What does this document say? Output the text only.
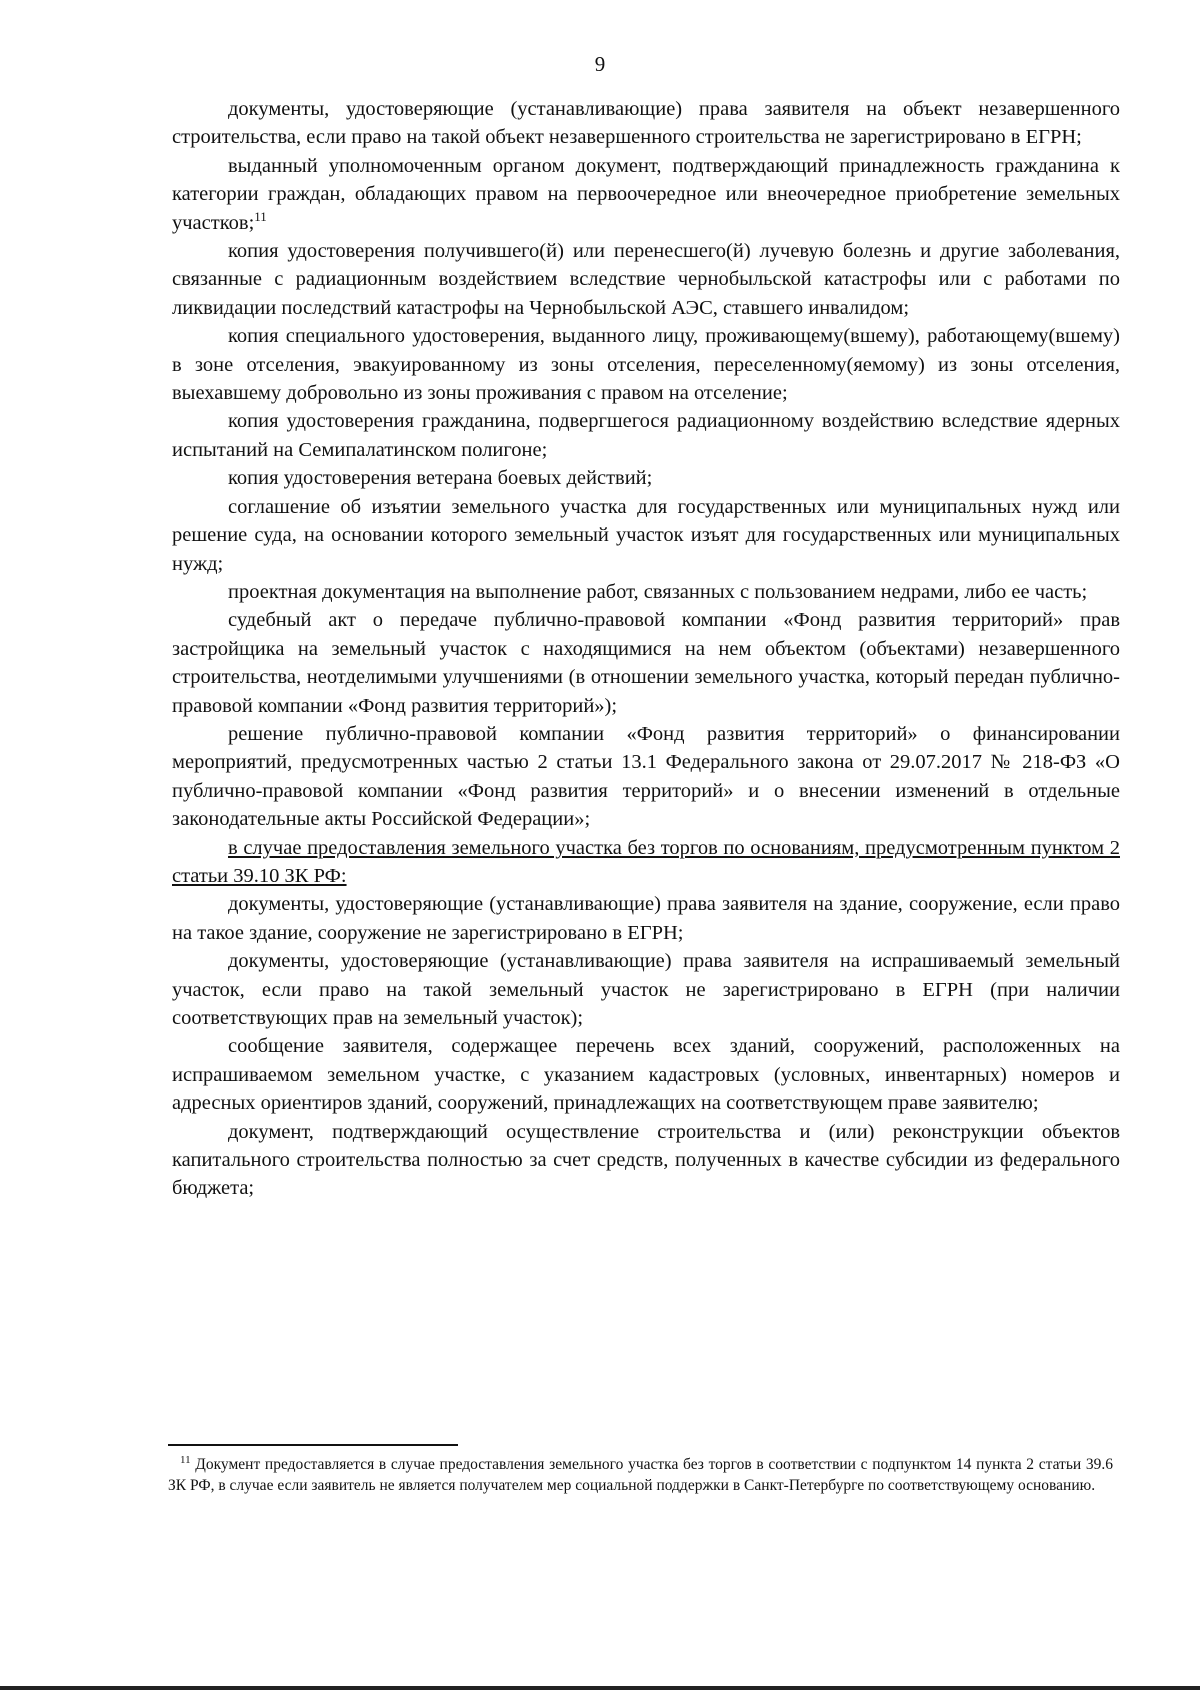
9

документы, удостоверяющие (устанавливающие) права заявителя на объект незавершенного строительства, если право на такой объект незавершенного строительства не зарегистрировано в ЕГРН;

выданный уполномоченным органом документ, подтверждающий принадлежность гражданина к категории граждан, обладающих правом на первоочередное или внеочередное приобретение земельных участков;$^{11}$

копия удостоверения получившего(й) или перенесшего(й) лучевую болезнь и другие заболевания, связанные с радиационным воздействием вследствие чернобыльской катастрофы или с работами по ликвидации последствий катастрофы на Чернобыльской АЭС, ставшего инвалидом;

копия специального удостоверения, выданного лицу, проживающему(вшему), работающему(вшему) в зоне отселения, эвакуированному из зоны отселения, переселенному(яемому) из зоны отселения, выехавшему добровольно из зоны проживания с правом на отселение;

копия удостоверения гражданина, подвергшегося радиационному воздействию вследствие ядерных испытаний на Семипалатинском полигоне;

копия удостоверения ветерана боевых действий;

соглашение об изъятии земельного участка для государственных или муниципальных нужд или решение суда, на основании которого земельный участок изъят для государственных или муниципальных нужд;

проектная документация на выполнение работ, связанных с пользованием недрами, либо ее часть;

судебный акт о передаче публично-правовой компании «Фонд развития территорий» прав застройщика на земельный участок с находящимися на нем объектом (объектами) незавершенного строительства, неотделимыми улучшениями (в отношении земельного участка, который передан публично-правовой компании «Фонд развития территорий»);

решение публично-правовой компании «Фонд развития территорий» о финансировании мероприятий, предусмотренных частью 2 статьи 13.1 Федерального закона от 29.07.2017 № 218-ФЗ «О публично-правовой компании «Фонд развития территорий» и о внесении изменений в отдельные законодательные акты Российской Федерации»;

в случае предоставления земельного участка без торгов по основаниям, предусмотренным пунктом 2 статьи 39.10 ЗК РФ:

документы, удостоверяющие (устанавливающие) права заявителя на здание, сооружение, если право на такое здание, сооружение не зарегистрировано в ЕГРН;

документы, удостоверяющие (устанавливающие) права заявителя на испрашиваемый земельный участок, если право на такой земельный участок не зарегистрировано в ЕГРН (при наличии соответствующих прав на земельный участок);

сообщение заявителя, содержащее перечень всех зданий, сооружений, расположенных на испрашиваемом земельном участке, с указанием кадастровых (условных, инвентарных) номеров и адресных ориентиров зданий, сооружений, принадлежащих на соответствующем праве заявителю;

документ, подтверждающий осуществление строительства и (или) реконструкции объектов капитального строительства полностью за счет средств, полученных в качестве субсидии из федерального бюджета;

$^{11}$ Документ предоставляется в случае предоставления земельного участка без торгов в соответствии с подпунктом 14 пункта 2 статьи 39.6 ЗК РФ, в случае если заявитель не является получателем мер социальной поддержки в Санкт-Петербурге по соответствующему основанию.
